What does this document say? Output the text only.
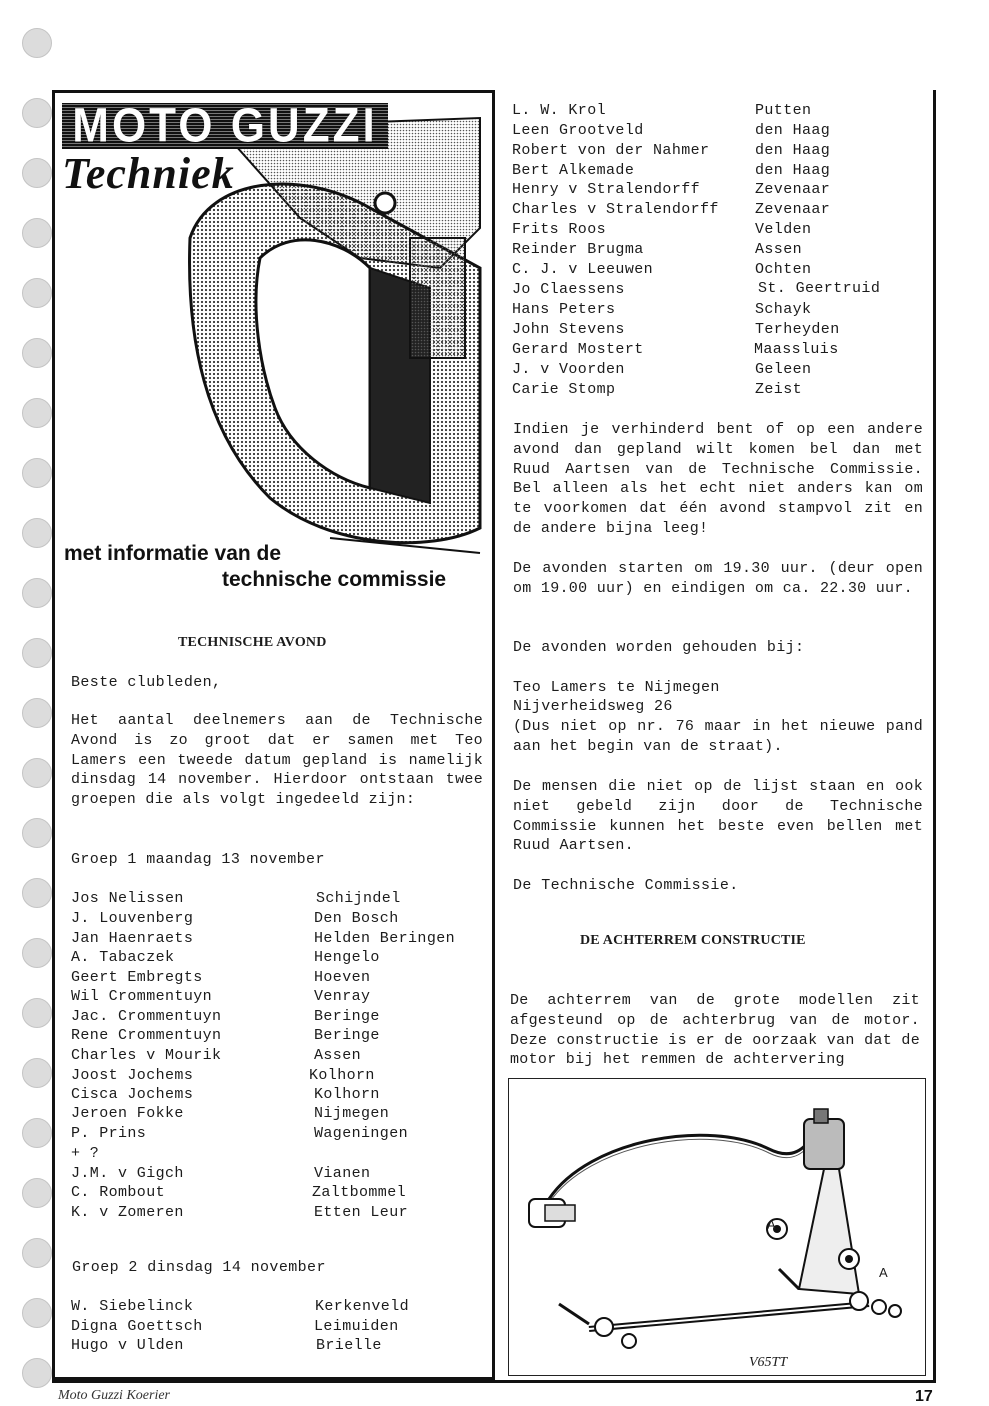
MOTO GUZZI
Techniek
met informatie van de
technische commissie
TECHNISCHE AVOND
Beste clubleden,
Het aantal deelnemers aan de Technische Avond is zo groot dat er samen met Teo Lamers een tweede datum gepland is namelijk dinsdag 14 november. Hierdoor ontstaan twee groepen die als volgt ingedeeld zijn:
Groep 1 maandag 13 november
Jos Nelissen	Schijndel
J. Louvenberg	Den Bosch
Jan Haenraets	Helden Beringen
A. Tabaczek	Hengelo
Geert Embregts	Hoeven
Wil Crommentuyn	Venray
Jac. Crommentuyn	Beringe
Rene Crommentuyn	Beringe
Charles v Mourik	Assen
Joost Jochems	Kolhorn
Cisca Jochems	Kolhorn
Jeroen Fokke	Nijmegen
P. Prins	Wageningen
+ ?
J.M. v Gigch	Vianen
C. Rombout	Zaltbommel
K. v Zomeren	Etten Leur
Groep 2 dinsdag 14 november
W. Siebelinck	Kerkenveld
Digna Goettsch	Leimuiden
Hugo v Ulden	Brielle
L. W. Krol	Putten
Leen Grootveld	den Haag
Robert von der Nahmer	den Haag
Bert Alkemade	den Haag
Henry v Stralendorff	Zevenaar
Charles v Stralendorff Zevenaar
Frits Roos	Velden
Reinder Brugma	Assen
C. J. v Leeuwen	Ochten
Jo Claessens	St. Geertruid
Hans Peters	Schayk
John Stevens	Terheyden
Gerard Mostert	Maassluis
J. v Voorden	Geleen
Carie Stomp	Zeist
Indien je verhinderd bent of op een andere avond dan gepland wilt komen bel dan met Ruud Aartsen van de Technische Commissie. Bel alleen als het echt niet anders kan om te voorkomen dat één avond stampvol zit en de andere bijna leeg!
De avonden starten om 19.30 uur. (deur open om 19.00 uur) en eindigen om ca. 22.30 uur.
De avonden worden gehouden bij:
Teo Lamers te Nijmegen
Nijverheidsweg 26
(Dus niet op nr. 76 maar in het nieuwe pand aan het begin van de straat).
De mensen die niet op de lijst staan en ook niet gebeld zijn door de Technische Commissie kunnen het beste even bellen met Ruud Aartsen.
De Technische Commissie.
DE ACHTERREM CONSTRUCTIE
De achterrem van de grote modellen zit afgesteund op de achterbrug van de motor. Deze constructie is er de oorzaak van dat de motor bij het remmen de achtervering
A
A
V65TT
Moto Guzzi Koerier	17
